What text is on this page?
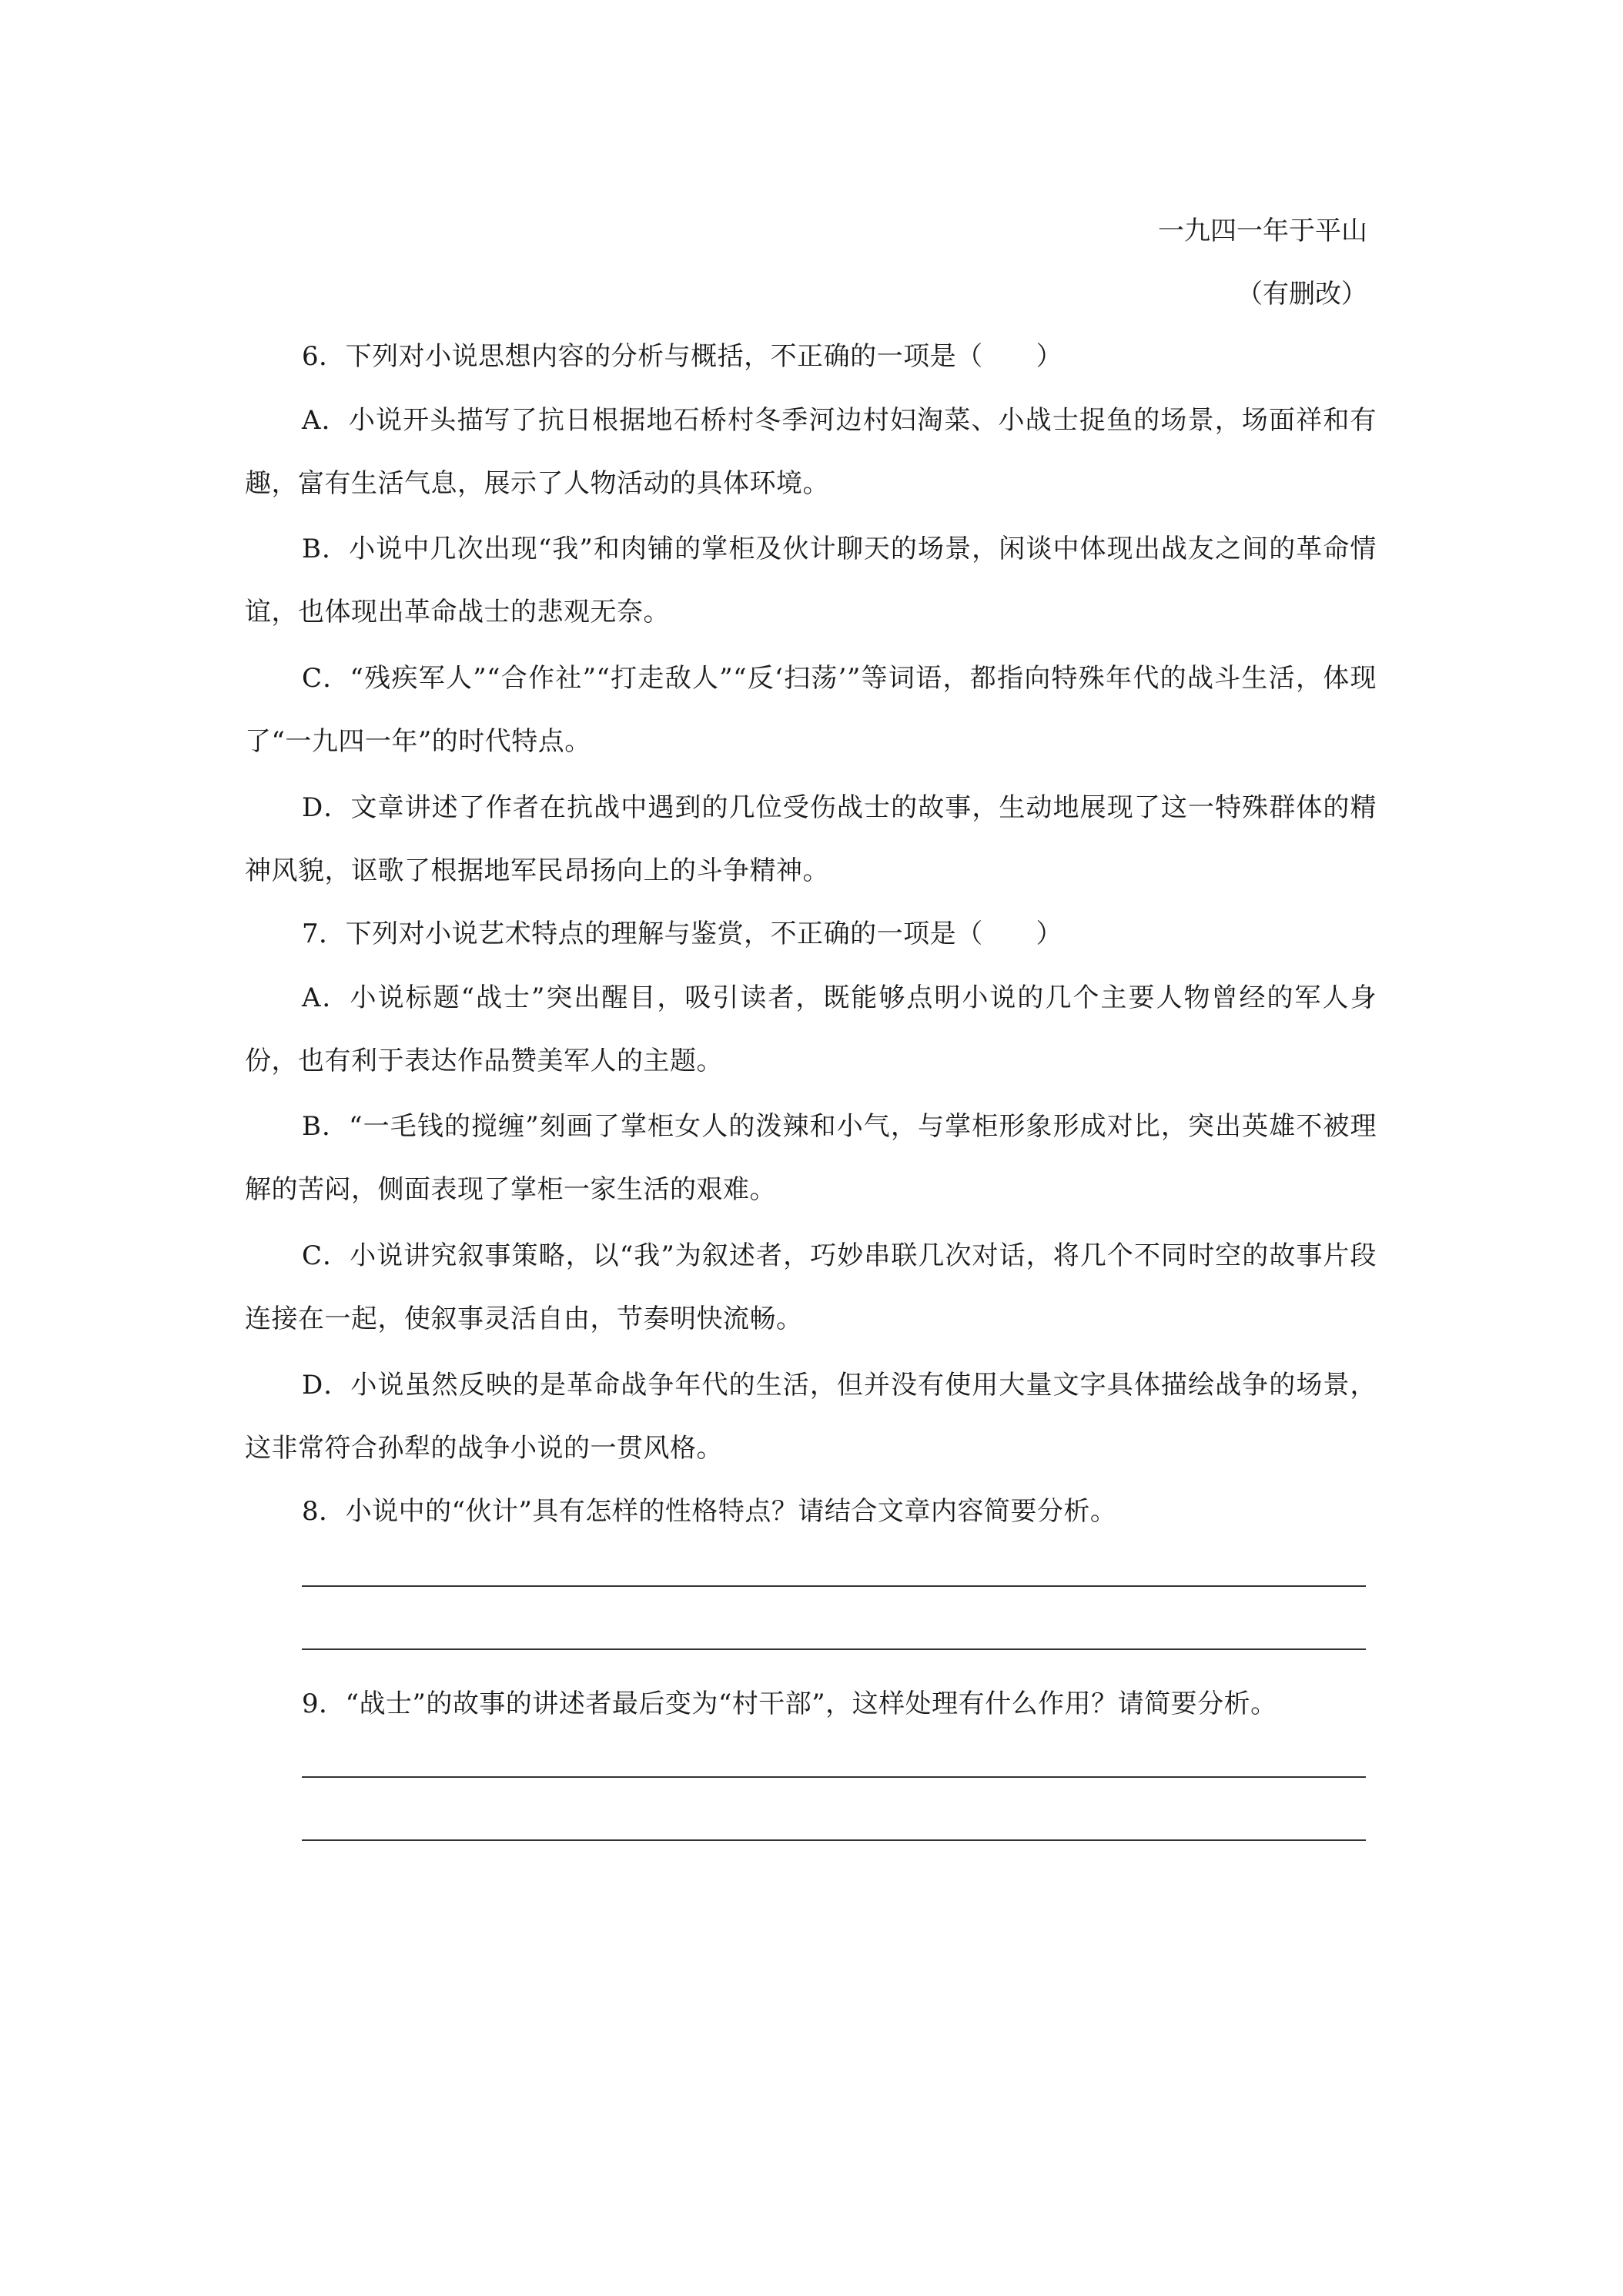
一九四一年于平山
（有删改）
6．下列对小说思想内容的分析与概括，不正确的一项是（　　）
A．小说开头描写了抗日根据地石桥村冬季河边村妇淘菜、小战士捉鱼的场景，场面祥和有趣，富有生活气息，展示了人物活动的具体环境。
B．小说中几次出现“我”和肉铺的掌柜及伙计聊天的场景，闲谈中体现出战友之间的革命情谊，也体现出革命战士的悲观无奈。
C．“残疾军人”“合作社”“打走敌人”“反‘扫荡’”等词语，都指向特殊年代的战斗生活，体现了“一九四一年”的时代特点。
D．文章讲述了作者在抗战中遇到的几位受伤战士的故事，生动地展现了这一特殊群体的精神风貌，讴歌了根据地军民昂扬向上的斗争精神。
7．下列对小说艺术特点的理解与鉴赏，不正确的一项是（　　）
A．小说标题“战士”突出醒目，吸引读者，既能够点明小说的几个主要人物曾经的军人身份，也有利于表达作品赞美军人的主题。
B．“一毛钱的搅缠”刻画了掌柜女人的泼辣和小气，与掌柜形象形成对比，突出英雄不被理解的苦闷，侧面表现了掌柜一家生活的艰难。
C．小说讲究叙事策略，以“我”为叙述者，巧妙串联几次对话，将几个不同时空的故事片段连接在一起，使叙事灵活自由，节奏明快流畅。
D．小说虽然反映的是革命战争年代的生活，但并没有使用大量文字具体描绘战争的场景，这非常符合孙犁的战争小说的一贯风格。
8．小说中的“伙计”具有怎样的性格特点？请结合文章内容简要分析。
9．“战士”的故事的讲述者最后变为“村干部”，这样处理有什么作用？请简要分析。
